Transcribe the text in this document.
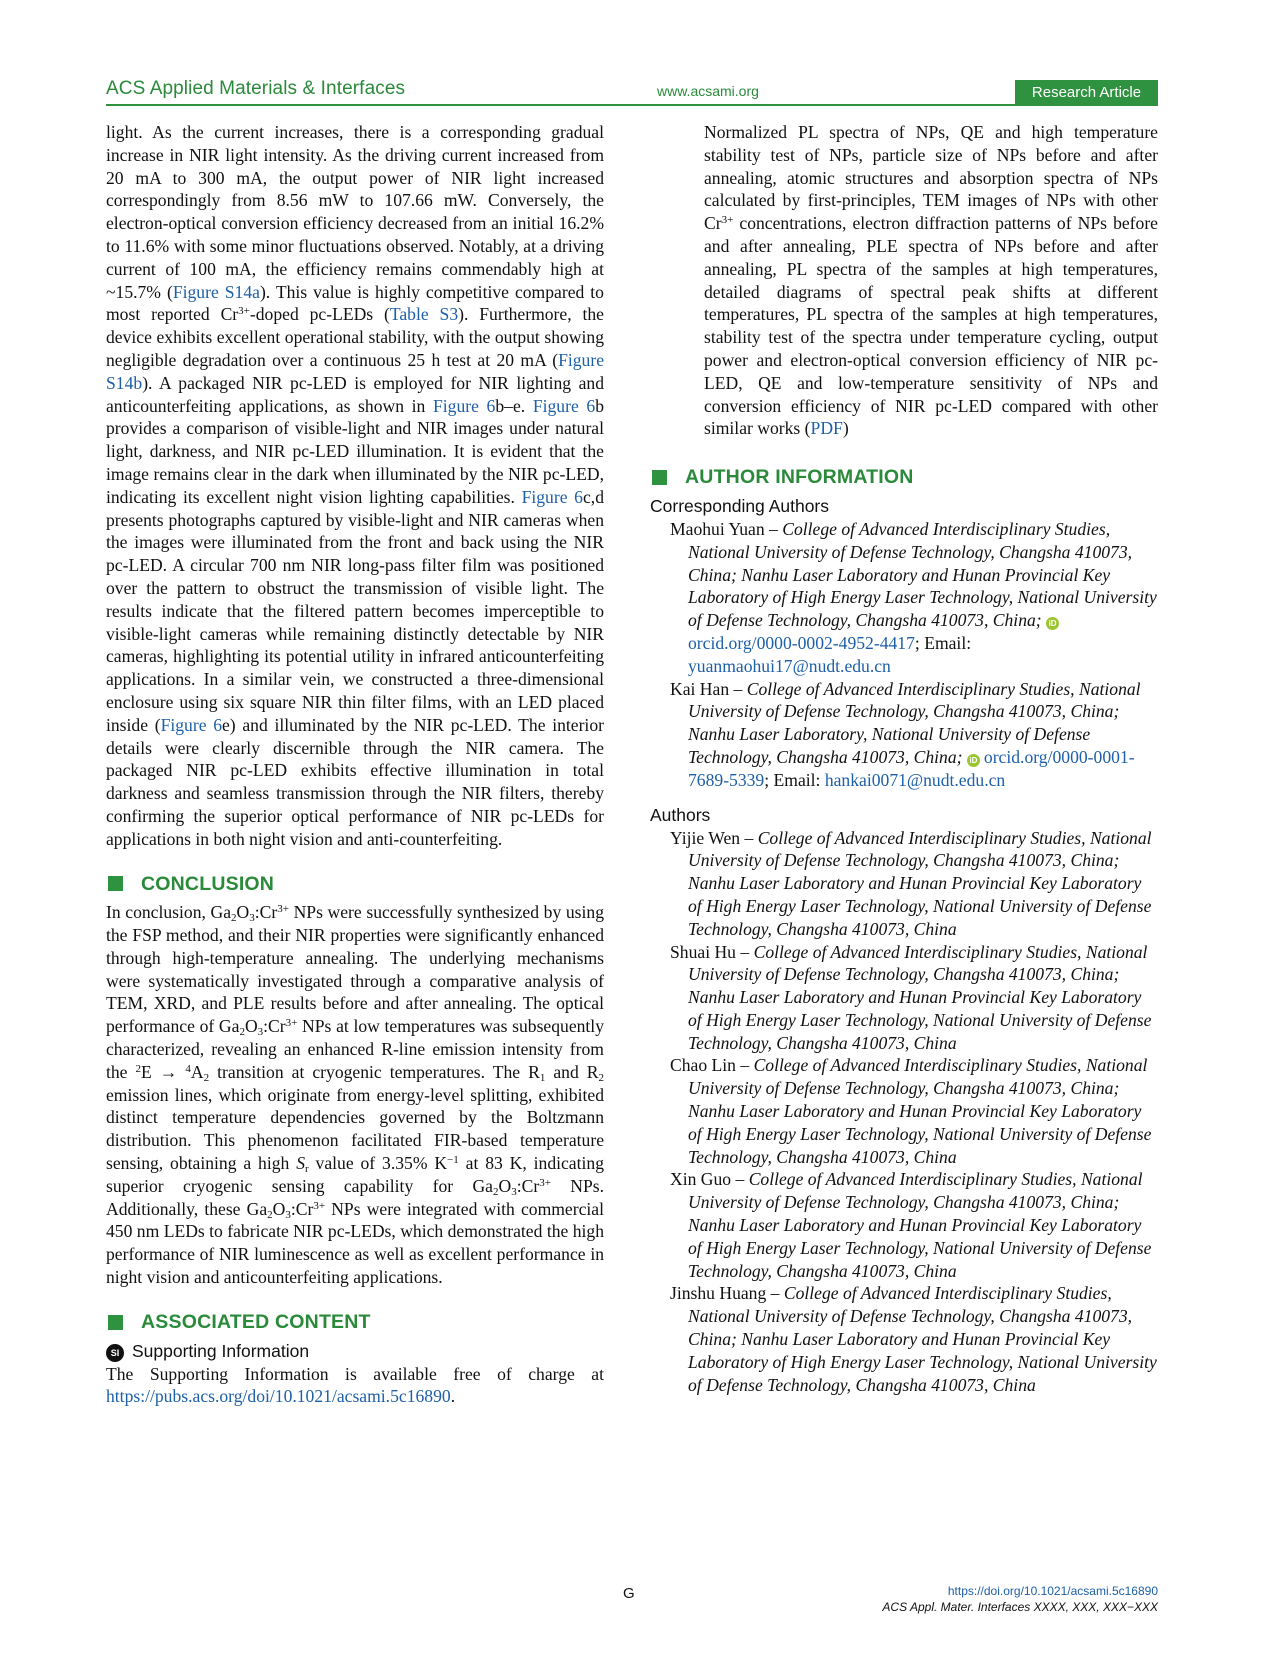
ACS Applied Materials & Interfaces	www.acsami.org	Research Article

light. As the current increases, there is a corresponding gradual increase in NIR light intensity. As the driving current increased from 20 mA to 300 mA, the output power of NIR light increased correspondingly from 8.56 mW to 107.66 mW. Conversely, the electron-optical conversion efficiency decreased from an initial 16.2% to 11.6% with some minor fluctuations observed. Notably, at a driving current of 100 mA, the efficiency remains commendably high at ~15.7% (Figure S14a). This value is highly competitive compared to most reported $Cr^{3+}$-doped pc-LEDs (Table S3). Furthermore, the device exhibits excellent operational stability, with the output showing negligible degradation over a continuous 25 h test at 20 mA (Figure S14b). A packaged NIR pc-LED is employed for NIR lighting and anticounterfeiting applications, as shown in Figure 6b–e. Figure 6b provides a comparison of visible-light and NIR images under natural light, darkness, and NIR pc-LED illumination. It is evident that the image remains clear in the dark when illuminated by the NIR pc-LED, indicating its excellent night vision lighting capabilities. Figure 6c,d presents photographs captured by visible-light and NIR cameras when the images were illuminated from the front and back using the NIR pc-LED. A circular 700 nm NIR long-pass filter film was positioned over the pattern to obstruct the transmission of visible light. The results indicate that the filtered pattern becomes imperceptible to visible-light cameras while remaining distinctly detectable by NIR cameras, highlighting its potential utility in infrared anticounterfeiting applications. In a similar vein, we constructed a three-dimensional enclosure using six square NIR thin filter films, with an LED placed inside (Figure 6e) and illuminated by the NIR pc-LED. The interior details were clearly discernible through the NIR camera. The packaged NIR pc-LED exhibits effective illumination in total darkness and seamless transmission through the NIR filters, thereby confirming the superior optical performance of NIR pc-LEDs for applications in both night vision and anti-counterfeiting.

CONCLUSION

In conclusion, $Ga_2O_3:Cr^{3+}$ NPs were successfully synthesized by using the FSP method, and their NIR properties were significantly enhanced through high-temperature annealing. The underlying mechanisms were systematically investigated through a comparative analysis of TEM, XRD, and PLE results before and after annealing. The optical performance of $Ga_2O_3:Cr^{3+}$ NPs at low temperatures was subsequently characterized, revealing an enhanced R-line emission intensity from the $^2E \to ^4A_2$ transition at cryogenic temperatures. The $R_1$ and $R_2$ emission lines, which originate from energy-level splitting, exhibited distinct temperature dependencies governed by the Boltzmann distribution. This phenomenon facilitated FIR-based temperature sensing, obtaining a high $S_r$ value of 3.35% $K^{-1}$ at 83 K, indicating superior cryogenic sensing capability for $Ga_2O_3:Cr^{3+}$ NPs. Additionally, these $Ga_2O_3:Cr^{3+}$ NPs were integrated with commercial 450 nm LEDs to fabricate NIR pc-LEDs, which demonstrated the high performance of NIR luminescence as well as excellent performance in night vision and anticounterfeiting applications.

ASSOCIATED CONTENT
SI Supporting Information

The Supporting Information is available free of charge at https://pubs.acs.org/doi/10.1021/acsami.5c16890.

Normalized PL spectra of NPs, QE and high temperature stability test of NPs, particle size of NPs before and after annealing, atomic structures and absorption spectra of NPs calculated by first-principles, TEM images of NPs with other $Cr^{3+}$ concentrations, electron diffraction patterns of NPs before and after annealing, PLE spectra of NPs before and after annealing, PL spectra of the samples at high temperatures, detailed diagrams of spectral peak shifts at different temperatures, PL spectra of the samples at high temperatures, stability test of the spectra under temperature cycling, output power and electron-optical conversion efficiency of NIR pc-LED, QE and low-temperature sensitivity of NPs and conversion efficiency of NIR pc-LED compared with other similar works (PDF)

AUTHOR INFORMATION
Corresponding Authors
Maohui Yuan – College of Advanced Interdisciplinary Studies, National University of Defense Technology, Changsha 410073, China; Nanhu Laser Laboratory and Hunan Provincial Key Laboratory of High Energy Laser Technology, National University of Defense Technology, Changsha 410073, China; iDorcid.org/0000-0002-4952-4417; Email: yuanmaohui17@nudt.edu.cn
Kai Han – College of Advanced Interdisciplinary Studies, National University of Defense Technology, Changsha 410073, China; Nanhu Laser Laboratory, National University of Defense Technology, Changsha 410073, China; iD orcid.org/0000-0001-7689-5339; Email: hankai0071@nudt.edu.cn
Authors
Yijie Wen – College of Advanced Interdisciplinary Studies, National University of Defense Technology, Changsha 410073, China; Nanhu Laser Laboratory and Hunan Provincial Key Laboratory of High Energy Laser Technology, National University of Defense Technology, Changsha 410073, China
Shuai Hu – College of Advanced Interdisciplinary Studies, National University of Defense Technology, Changsha 410073, China; Nanhu Laser Laboratory and Hunan Provincial Key Laboratory of High Energy Laser Technology, National University of Defense Technology, Changsha 410073, China
Chao Lin – College of Advanced Interdisciplinary Studies, National University of Defense Technology, Changsha 410073, China; Nanhu Laser Laboratory and Hunan Provincial Key Laboratory of High Energy Laser Technology, National University of Defense Technology, Changsha 410073, China
Xin Guo – College of Advanced Interdisciplinary Studies, National University of Defense Technology, Changsha 410073, China; Nanhu Laser Laboratory and Hunan Provincial Key Laboratory of High Energy Laser Technology, National University of Defense Technology, Changsha 410073, China
Jinshu Huang – College of Advanced Interdisciplinary Studies, National University of Defense Technology, Changsha 410073, China; Nanhu Laser Laboratory and Hunan Provincial Key Laboratory of High Energy Laser Technology, National University of Defense Technology, Changsha 410073, China
G	https://doi.org/10.1021/acsami.5c16890
ACS Appl. Mater. Interfaces XXXX, XXX, XXX−XXX
